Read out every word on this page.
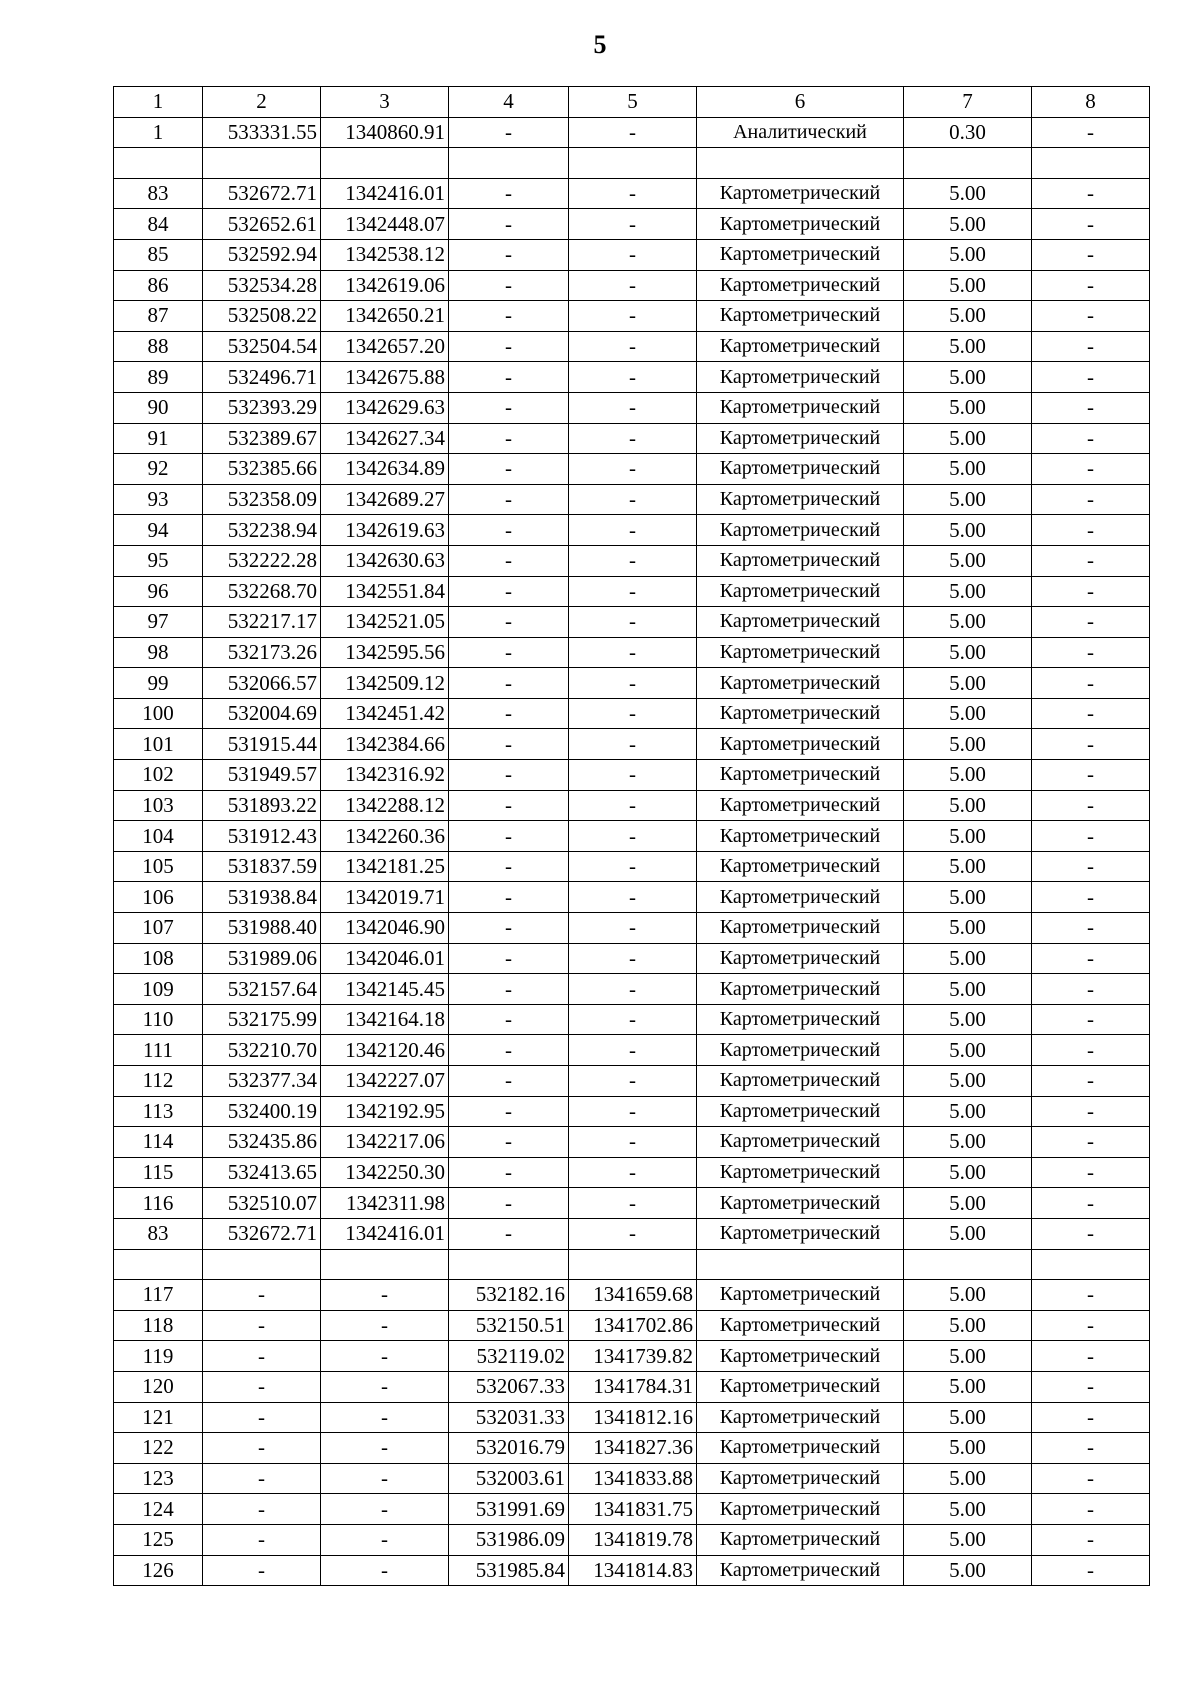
5
1	2	3	4	5	6	7	8
1	533331.55	1340860.91	-	-	Аналитический	0.30	-

83	532672.71	1342416.01	-	-	Картометрический	5.00	-
84	532652.61	1342448.07	-	-	Картометрический	5.00	-
85	532592.94	1342538.12	-	-	Картометрический	5.00	-
86	532534.28	1342619.06	-	-	Картометрический	5.00	-
87	532508.22	1342650.21	-	-	Картометрический	5.00	-
88	532504.54	1342657.20	-	-	Картометрический	5.00	-
89	532496.71	1342675.88	-	-	Картометрический	5.00	-
90	532393.29	1342629.63	-	-	Картометрический	5.00	-
91	532389.67	1342627.34	-	-	Картометрический	5.00	-
92	532385.66	1342634.89	-	-	Картометрический	5.00	-
93	532358.09	1342689.27	-	-	Картометрический	5.00	-
94	532238.94	1342619.63	-	-	Картометрический	5.00	-
95	532222.28	1342630.63	-	-	Картометрический	5.00	-
96	532268.70	1342551.84	-	-	Картометрический	5.00	-
97	532217.17	1342521.05	-	-	Картометрический	5.00	-
98	532173.26	1342595.56	-	-	Картометрический	5.00	-
99	532066.57	1342509.12	-	-	Картометрический	5.00	-
100	532004.69	1342451.42	-	-	Картометрический	5.00	-
101	531915.44	1342384.66	-	-	Картометрический	5.00	-
102	531949.57	1342316.92	-	-	Картометрический	5.00	-
103	531893.22	1342288.12	-	-	Картометрический	5.00	-
104	531912.43	1342260.36	-	-	Картометрический	5.00	-
105	531837.59	1342181.25	-	-	Картометрический	5.00	-
106	531938.84	1342019.71	-	-	Картометрический	5.00	-
107	531988.40	1342046.90	-	-	Картометрический	5.00	-
108	531989.06	1342046.01	-	-	Картометрический	5.00	-
109	532157.64	1342145.45	-	-	Картометрический	5.00	-
110	532175.99	1342164.18	-	-	Картометрический	5.00	-
111	532210.70	1342120.46	-	-	Картометрический	5.00	-
112	532377.34	1342227.07	-	-	Картометрический	5.00	-
113	532400.19	1342192.95	-	-	Картометрический	5.00	-
114	532435.86	1342217.06	-	-	Картометрический	5.00	-
115	532413.65	1342250.30	-	-	Картометрический	5.00	-
116	532510.07	1342311.98	-	-	Картометрический	5.00	-
83	532672.71	1342416.01	-	-	Картометрический	5.00	-

117	-	-	532182.16	1341659.68	Картометрический	5.00	-
118	-	-	532150.51	1341702.86	Картометрический	5.00	-
119	-	-	532119.02	1341739.82	Картометрический	5.00	-
120	-	-	532067.33	1341784.31	Картометрический	5.00	-
121	-	-	532031.33	1341812.16	Картометрический	5.00	-
122	-	-	532016.79	1341827.36	Картометрический	5.00	-
123	-	-	532003.61	1341833.88	Картометрический	5.00	-
124	-	-	531991.69	1341831.75	Картометрический	5.00	-
125	-	-	531986.09	1341819.78	Картометрический	5.00	-
126	-	-	531985.84	1341814.83	Картометрический	5.00	-
